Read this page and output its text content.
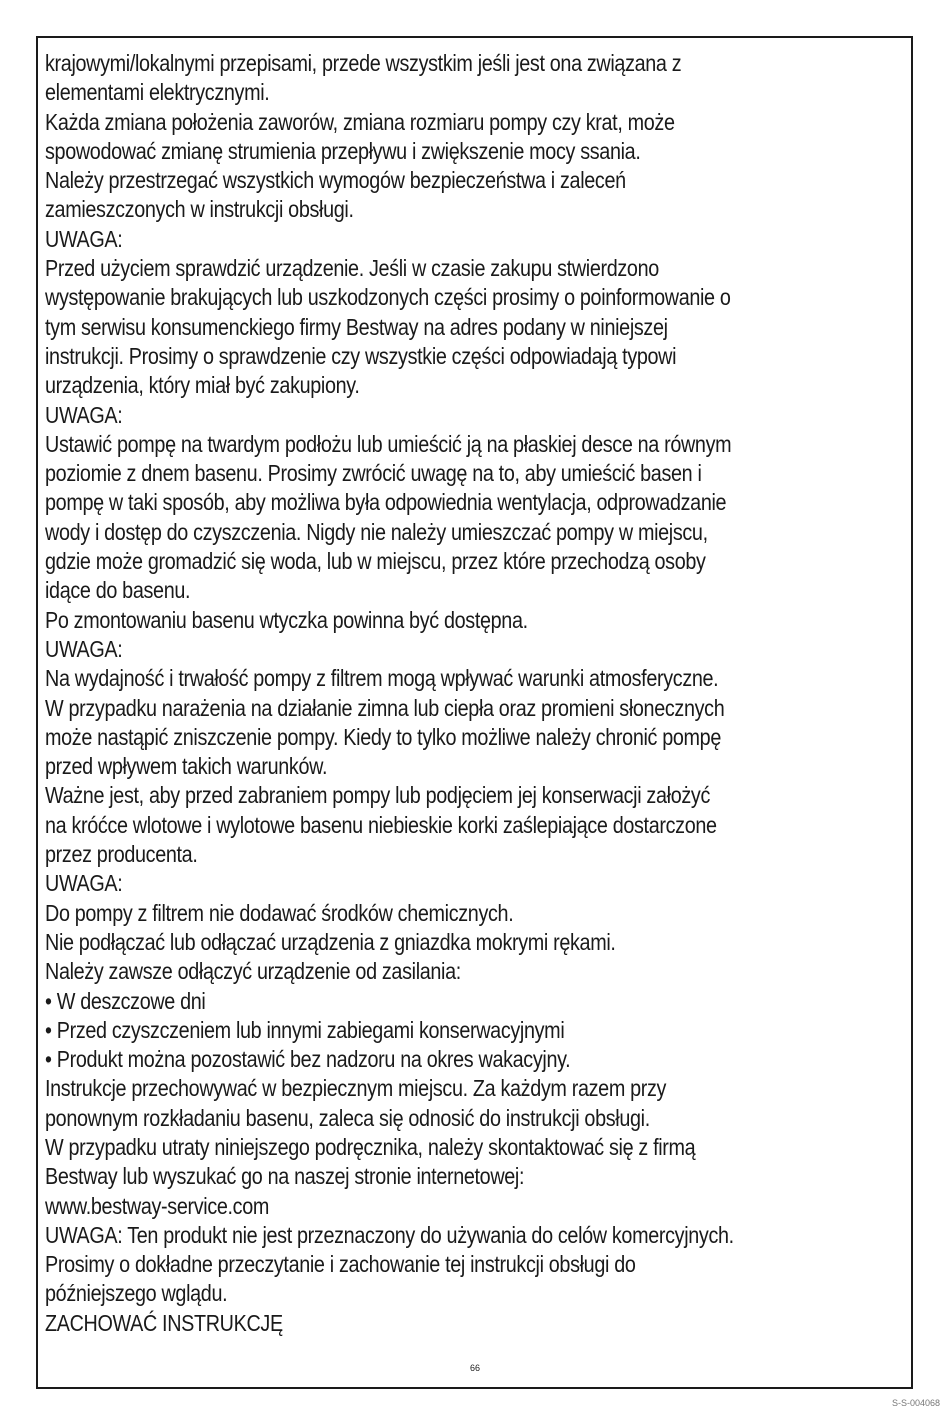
krajowymi/lokalnymi przepisami, przede wszystkim jeśli jest ona związana z
elementami elektrycznymi.
Każda zmiana położenia zaworów, zmiana rozmiaru pompy czy krat, może
spowodować zmianę strumienia przepływu i zwiększenie mocy ssania.
Należy przestrzegać wszystkich wymogów bezpieczeństwa i zaleceń
zamieszczonych w instrukcji obsługi.
UWAGA:
Przed użyciem sprawdzić urządzenie. Jeśli w czasie zakupu stwierdzono
występowanie brakujących lub uszkodzonych części prosimy o poinformowanie o
tym serwisu konsumenckiego firmy Bestway na adres podany w niniejszej
instrukcji. Prosimy o sprawdzenie czy wszystkie części odpowiadają typowi
urządzenia, który miał być zakupiony.
UWAGA:
Ustawić pompę na twardym podłożu lub umieścić ją na płaskiej desce na równym
poziomie z dnem basenu. Prosimy zwrócić uwagę na to, aby umieścić basen i
pompę w taki sposób, aby możliwa była odpowiednia wentylacja, odprowadzanie
wody i dostęp do czyszczenia. Nigdy nie należy umieszczać pompy w miejscu,
gdzie może gromadzić się woda, lub w miejscu, przez które przechodzą osoby
idące do basenu.
Po zmontowaniu basenu wtyczka powinna być dostępna.
UWAGA:
Na wydajność i trwałość pompy z filtrem mogą wpływać warunki atmosferyczne.
W przypadku narażenia na działanie zimna lub ciepła oraz promieni słonecznych
może nastąpić zniszczenie pompy. Kiedy to tylko możliwe należy chronić pompę
przed wpływem takich warunków.
Ważne jest, aby przed zabraniem pompy lub podjęciem jej konserwacji założyć
na króćce wlotowe i wylotowe basenu niebieskie korki zaślepiające dostarczone
przez producenta.
UWAGA:
Do pompy z filtrem nie dodawać środków chemicznych.
Nie podłączać lub odłączać urządzenia z gniazdka mokrymi rękami.
Należy zawsze odłączyć urządzenie od zasilania:
• W deszczowe dni
• Przed czyszczeniem lub innymi zabiegami konserwacyjnymi
• Produkt można pozostawić bez nadzoru na okres wakacyjny.
Instrukcje przechowywać w bezpiecznym miejscu. Za każdym razem przy
ponownym rozkładaniu basenu, zaleca się odnosić do instrukcji obsługi.
W przypadku utraty niniejszego podręcznika, należy skontaktować się z firmą
Bestway lub wyszukać go na naszej stronie internetowej:
www.bestway-service.com
UWAGA: Ten produkt nie jest przeznaczony do używania do celów komercyjnych.
Prosimy o dokładne przeczytanie i zachowanie tej instrukcji obsługi do
późniejszego wglądu.
ZACHOWAĆ INSTRUKCJĘ
66
S-S-004068
